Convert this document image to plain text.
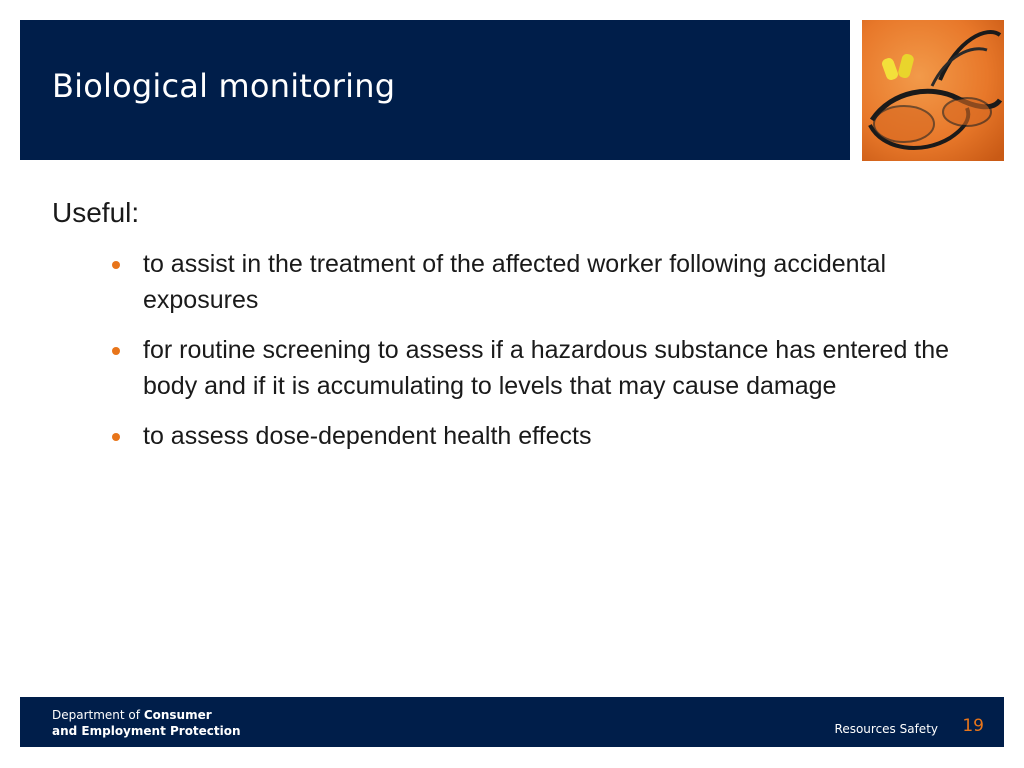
Biological monitoring

Useful:

to assist in the treatment of the affected worker following accidental exposures
for routine screening to assess if a hazardous substance has entered the body and if it is accumulating to levels that may cause damage
to assess dose-dependent health effects
Department of Consumer
and Employment Protection	Resources Safety 19
